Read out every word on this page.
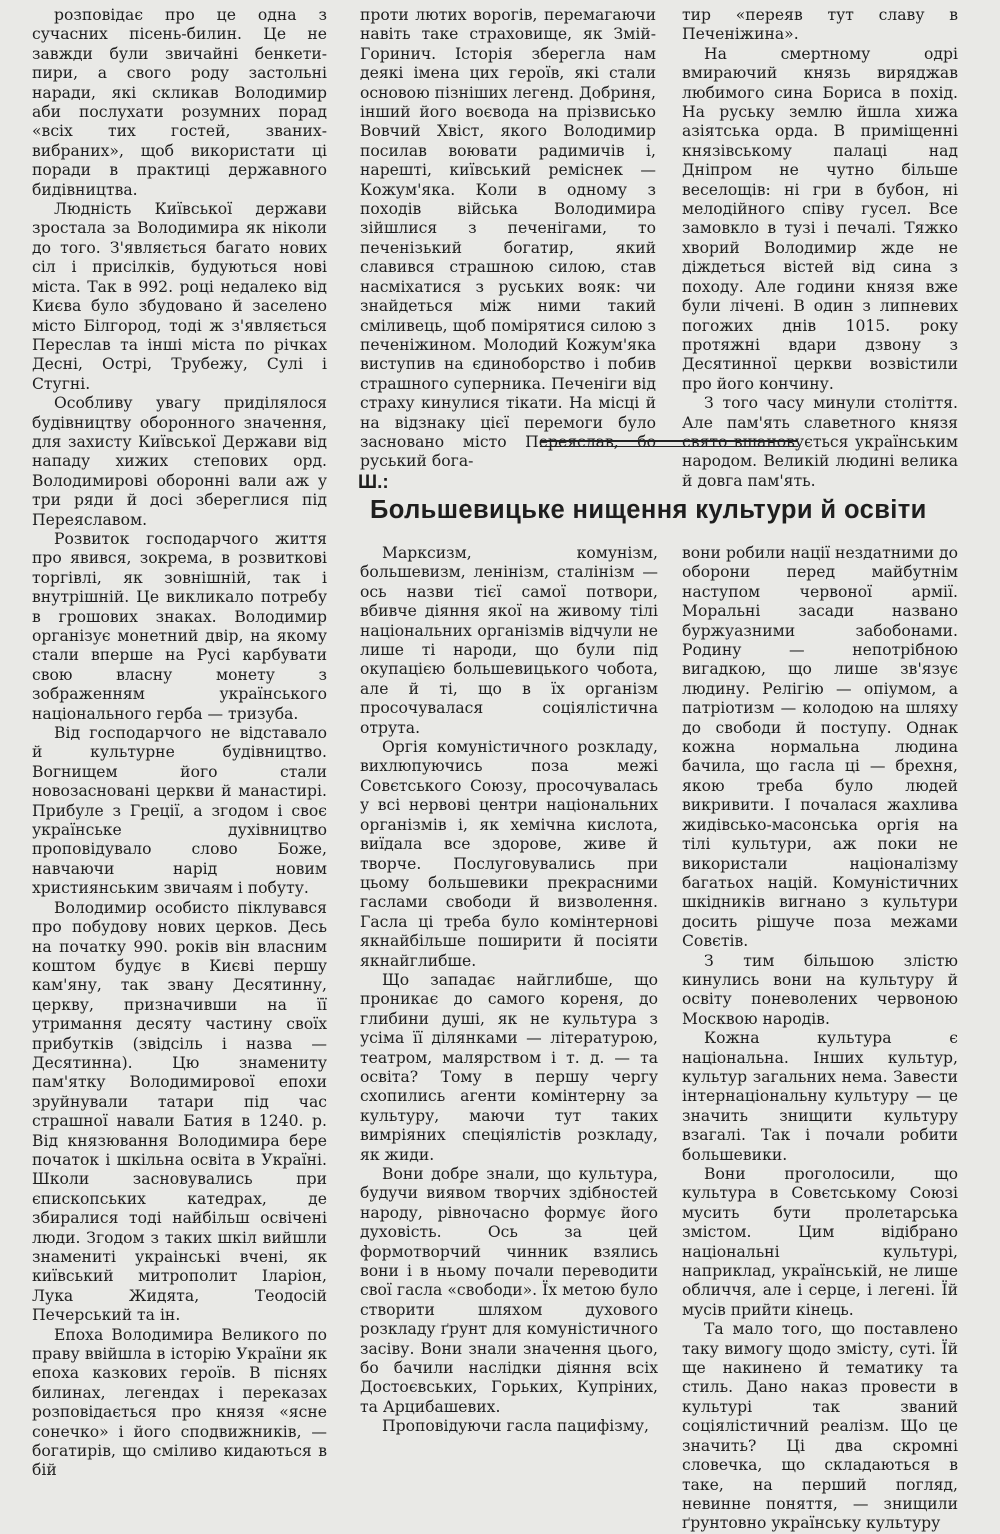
розповідає про це одна з сучасних пісень-билин. Це не завжди були звичайні бенкети-пири, а свого роду застольні наради, які скликав Володимир аби послухати розумних порад «всіх тих гостей, званих-вибраних», щоб використати ці поради в практиці державного бидівництва.

Людність Київської держави зростала за Володимира як ніколи до того. З'являється багато нових сіл і присілків, будуються нові міста. Так в 992. році недалеко від Києва було збудовано й заселено місто Білгород, тоді ж з'являється Переслав та інші міста по річках Десні, Острі, Трубежу, Сулі і Стугні.

Особливу увагу приділялося будівництву оборонного значення, для захисту Київської Держави від нападу хижих степових орд. Володимирові оборонні вали аж у три ряди й досі збереглися під Переяславом.

Розвиток господарчого життя про явився, зокрема, в розвиткові торгівлі, як зовнішній, так і внутрішній. Це викликало потребу в грошових знаках. Володимир організує монетний двір, на якому стали вперше на Русі карбувати свою власну монету з зображенням українського національного герба — тризуба.

Від господарчого не відставало й культурне будівництво. Вогнищем його стали новозасновані церкви й манастирі. Прибуле з Греції, а згодом і своє українське духівництво проповідувало слово Боже, навчаючи нарід новим християнським звичаям і побуту.

Володимир особисто піклувався про побудову нових церков. Десь на початку 990. років він власним коштом будує в Києві першу кам'яну, так звану Десятинну, церкву, призначивши на її утримання десяту частину своїх прибутків (звідсіль і назва — Десятинна). Цю знамениту пам'ятку Володимирової епохи зруйнували татари під час страшної навали Батия в 1240. р. Від князювання Володимира бере початок і шкільна освіта в Україні. Школи засновувались при єпископських катедрах, де збиралися тоді найбільш освічені люди. Згодом з таких шкіл вийшли знамениті украінські вчені, як київський митрополит Іларіон, Лука Жидята, Теодосій Печерський та ін.

Епоха Володимира Великого по праву ввійшла в історію України як епоха казкових героїв. В піснях билинах, легендах і переказах розповідається про князя «ясне сонечко» і його сподвижників, — богатирів, що сміливо кидаються в бій

проти лютих ворогів, перемагаючи навіть таке страховище, як Змій-Горинич. Історія зберегла нам деякі імена цих героїв, які стали основою пізніших легенд. Добриня, інший його воєвода на прізвисько Вовчий Хвіст, якого Володимир посилав воювати радимичів і, нарешті, київський реміснек — Кожум'яка. Коли в одному з походів війська Володимира зійшлися з печенігами, то печенізький богатир, який славився страшною силою, став насміхатися з руських вояк: чи знайдеться між ними такий сміливець, щоб помірятися силою з печеніжином. Молодий Кожум'яка виступив на єдиноборство і побив страшного суперника. Печеніги від страху кинулися тікати. На місці й на відзнаку цієї перемоги було засновано місто Переяслав, бо руський бога-

тир «переяв тут славу в Печеніжина».

На смертному одрі вмираючий князь виряджав любимого сина Бориса в похід. На руську землю йшла хижа азіятська орда. В приміщенні князівському палаці над Дніпром не чутно більше веселощів: ні гри в бубон, ні мелодійного співу гусел. Все замовкло в тузі і печалі. Тяжко хворий Володимир жде не діждеться вістей від сина з походу. Але години князя вже були лічені. В один з липневих погожих днів 1015. року протяжні вдари дзвону з Десятинної церкви возвістили про його кончину.

З того часу минули століття. Але пам'ять славетного князя свято вшановується українським народом. Великій людині велика й довга пам'ять.

Ш.:
Большевицьке нищення культури й освіти

Марксизм, комунізм, большевизм, ленінізм, сталінізм — ось назви тієї самої потвори, вбивче діяння якої на живому тілі національних організмів відчули не лише ті народи, що були під окупацією большевицького чобота, але й ті, що в їх організм просочувалася соціялістична отрута.

Оргія комуністичного розкладу, вихлюпуючись поза межі Совєтського Союзу, просочувалась у всі нервові центри національних організмів і, як хемічна кислота, виїдала все здорове, живе й творче. Послуговувались при цьому большевики прекрасними гаслами свободи й визволення. Гасла ці треба було комінтернові якнайбільше поширити й посіяти якнайглибше.

Що западає найглибше, що проникає до самого кореня, до глибини душі, як не культура з усіма її ділянками — літературою, театром, малярством і т. д. — та освіта? Тому в першу чергу схопились агенти комінтерну за культуру, маючи тут таких вимріяних спеціялістів розкладу, як жиди.

Вони добре знали, що культура, будучи виявом творчих здібностей народу, рівночасно формує його духовість. Ось за цей формотворчий чинник взялись вони і в ньому почали переводити свої гасла «свободи». Їх метою було створити шляхом духового розкладу ґрунт для комуністичного засіву. Вони знали значення цього, бо бачили наслідки діяння всіх Достоєвських, Горьких, Купріних, та Арцибашевих.

Проповідуючи гасла пацифізму,

вони робили нації нездатними до оборони перед майбутнім наступом червоної армії. Моральні засади названо буржуазними забобонами. Родину — непотрібною вигадкою, що лише зв'язує людину. Релігію — опіумом, а патріотизм — колодою на шляху до свободи й поступу. Однак кожна нормальна людина бачила, що гасла ці — брехня, якою треба було людей викривити. І почалася жахлива жидівсько-масонська оргія на тілі культури, аж поки не використали націоналізму багатьох націй. Комуністичних шкідників вигнано з культури досить рішуче поза межами Совєтів.

З тим більшою злістю кинулись вони на культуру й освіту поневолених червоною Москвою народів.

Кожна культура є національна. Інших культур, культур загальних нема. Завести інтернаціональну культуру — це значить знищити культуру взагалі. Так і почали робити большевики.

Вони проголосили, що культура в Совєтському Союзі мусить бути пролетарська змістом. Цим відібрано національні культурі, наприклад, українській, не лише обличчя, але і серце, і легені. Їй мусів прийти кінець.

Та мало того, що поставлено таку вимогу щодо змісту, суті. Їй ще накинено й тематику та стиль. Дано наказ провести в культурі так званий соціялістичний реалізм. Що це значить? Ці два скромні словечка, що складаються в таке, на перший погляд, невинне поняття, — знищили ґрунтовно українську культуру
